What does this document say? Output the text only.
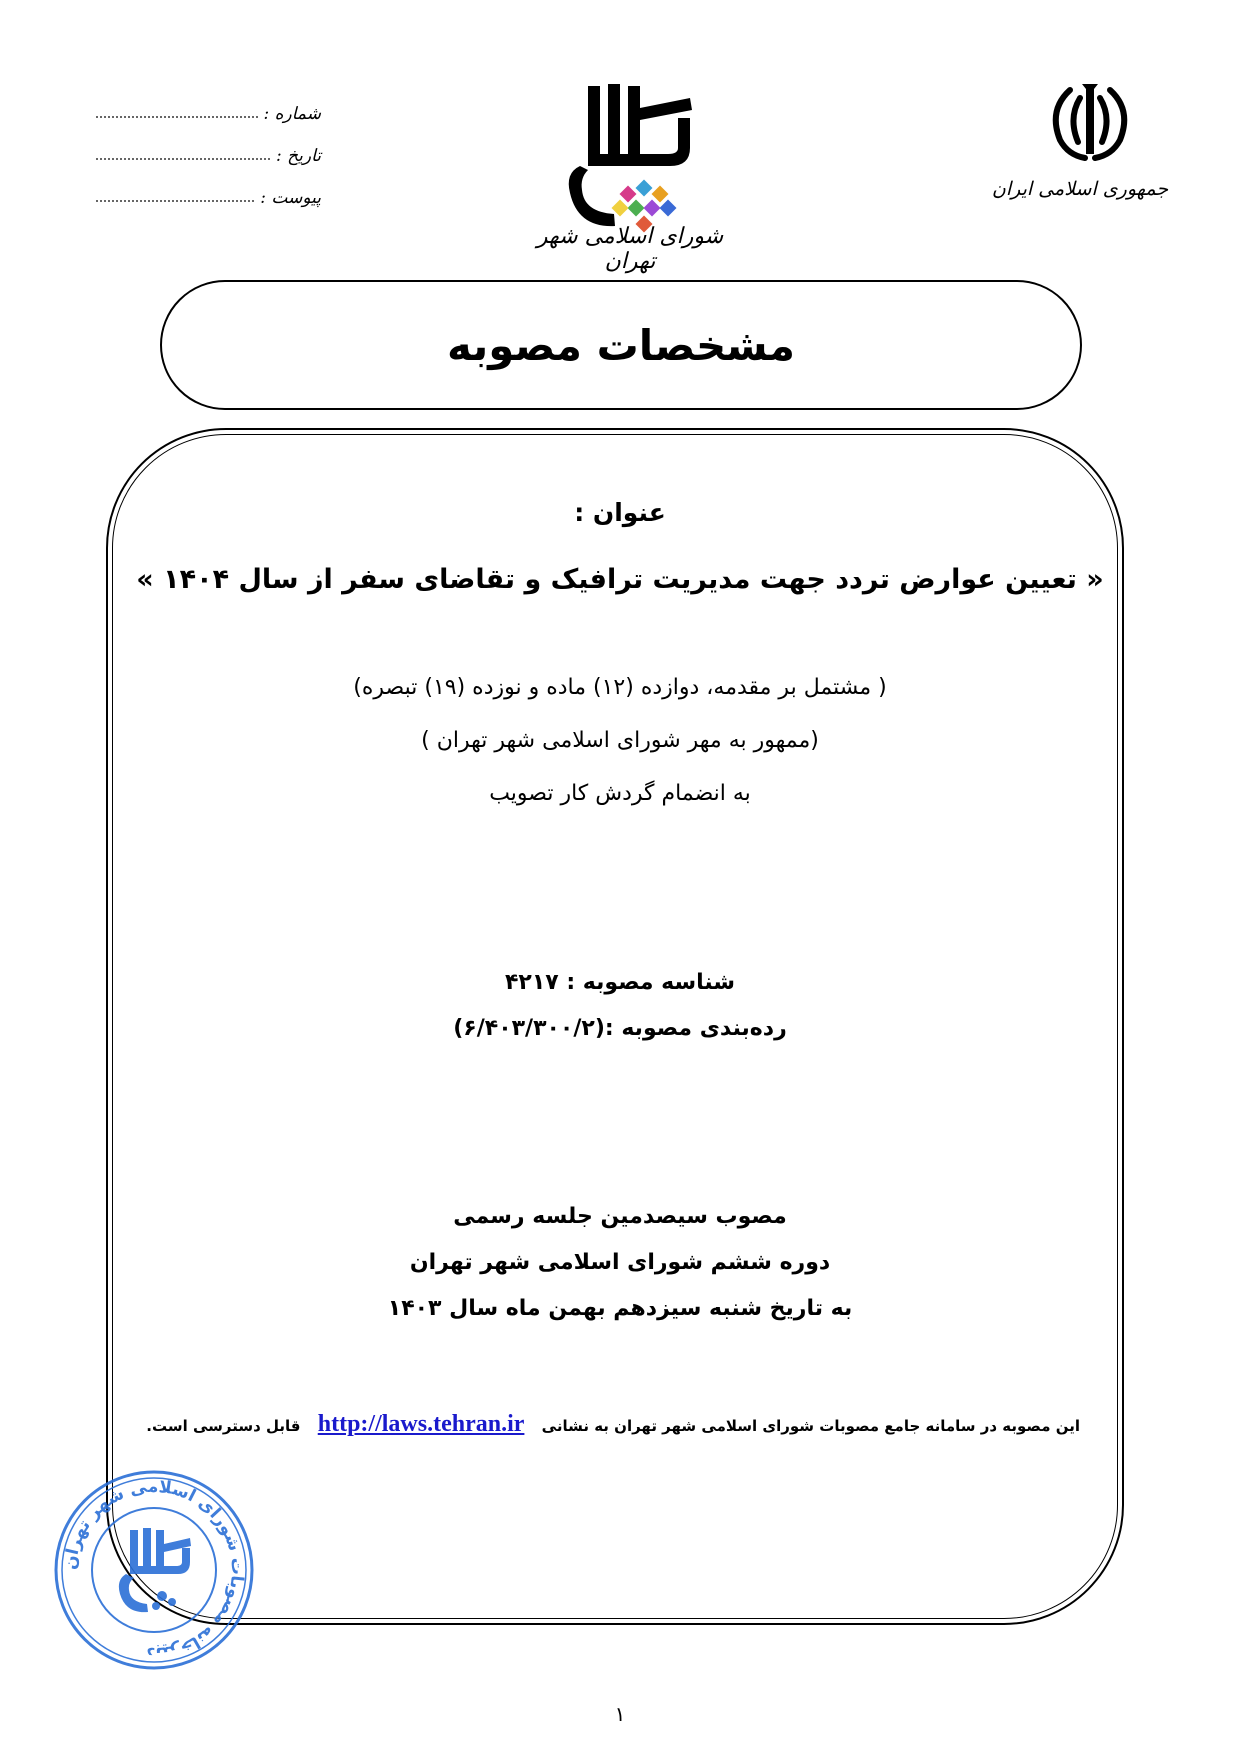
شماره :
تاریخ :
پیوست :
شورای اسلامی شهر تهران
جمهوری اسلامی ایران
مشخصات مصوبه
عنوان :
« تعیین عوارض تردد جهت مدیریت ترافیک و تقاضای سفر از سال ۱۴۰۴ »
( مشتمل بر مقدمه، دوازده (۱۲) ماده و نوزده (۱۹) تبصره)
(ممهور به مهر شورای اسلامی شهر تهران )
به انضمام گردش کار تصویب
شناسه مصوبه : ۴۲۱۷
رده‌بندی مصوبه :(۶/۴۰۳/۳۰۰/۲)
مصوب سیصدمین جلسه رسمی
دوره ششم شورای اسلامی شهر تهران
به تاریخ شنبه سیزدهم بهمن ماه سال ۱۴۰۳
این مصوبه در سامانه جامع مصوبات شورای اسلامی شهر تهران به نشانی http://laws.tehran.ir قابل دسترسی است.
دبیرخانه مصوبات شورای اسلامی شهر تهران
۱
